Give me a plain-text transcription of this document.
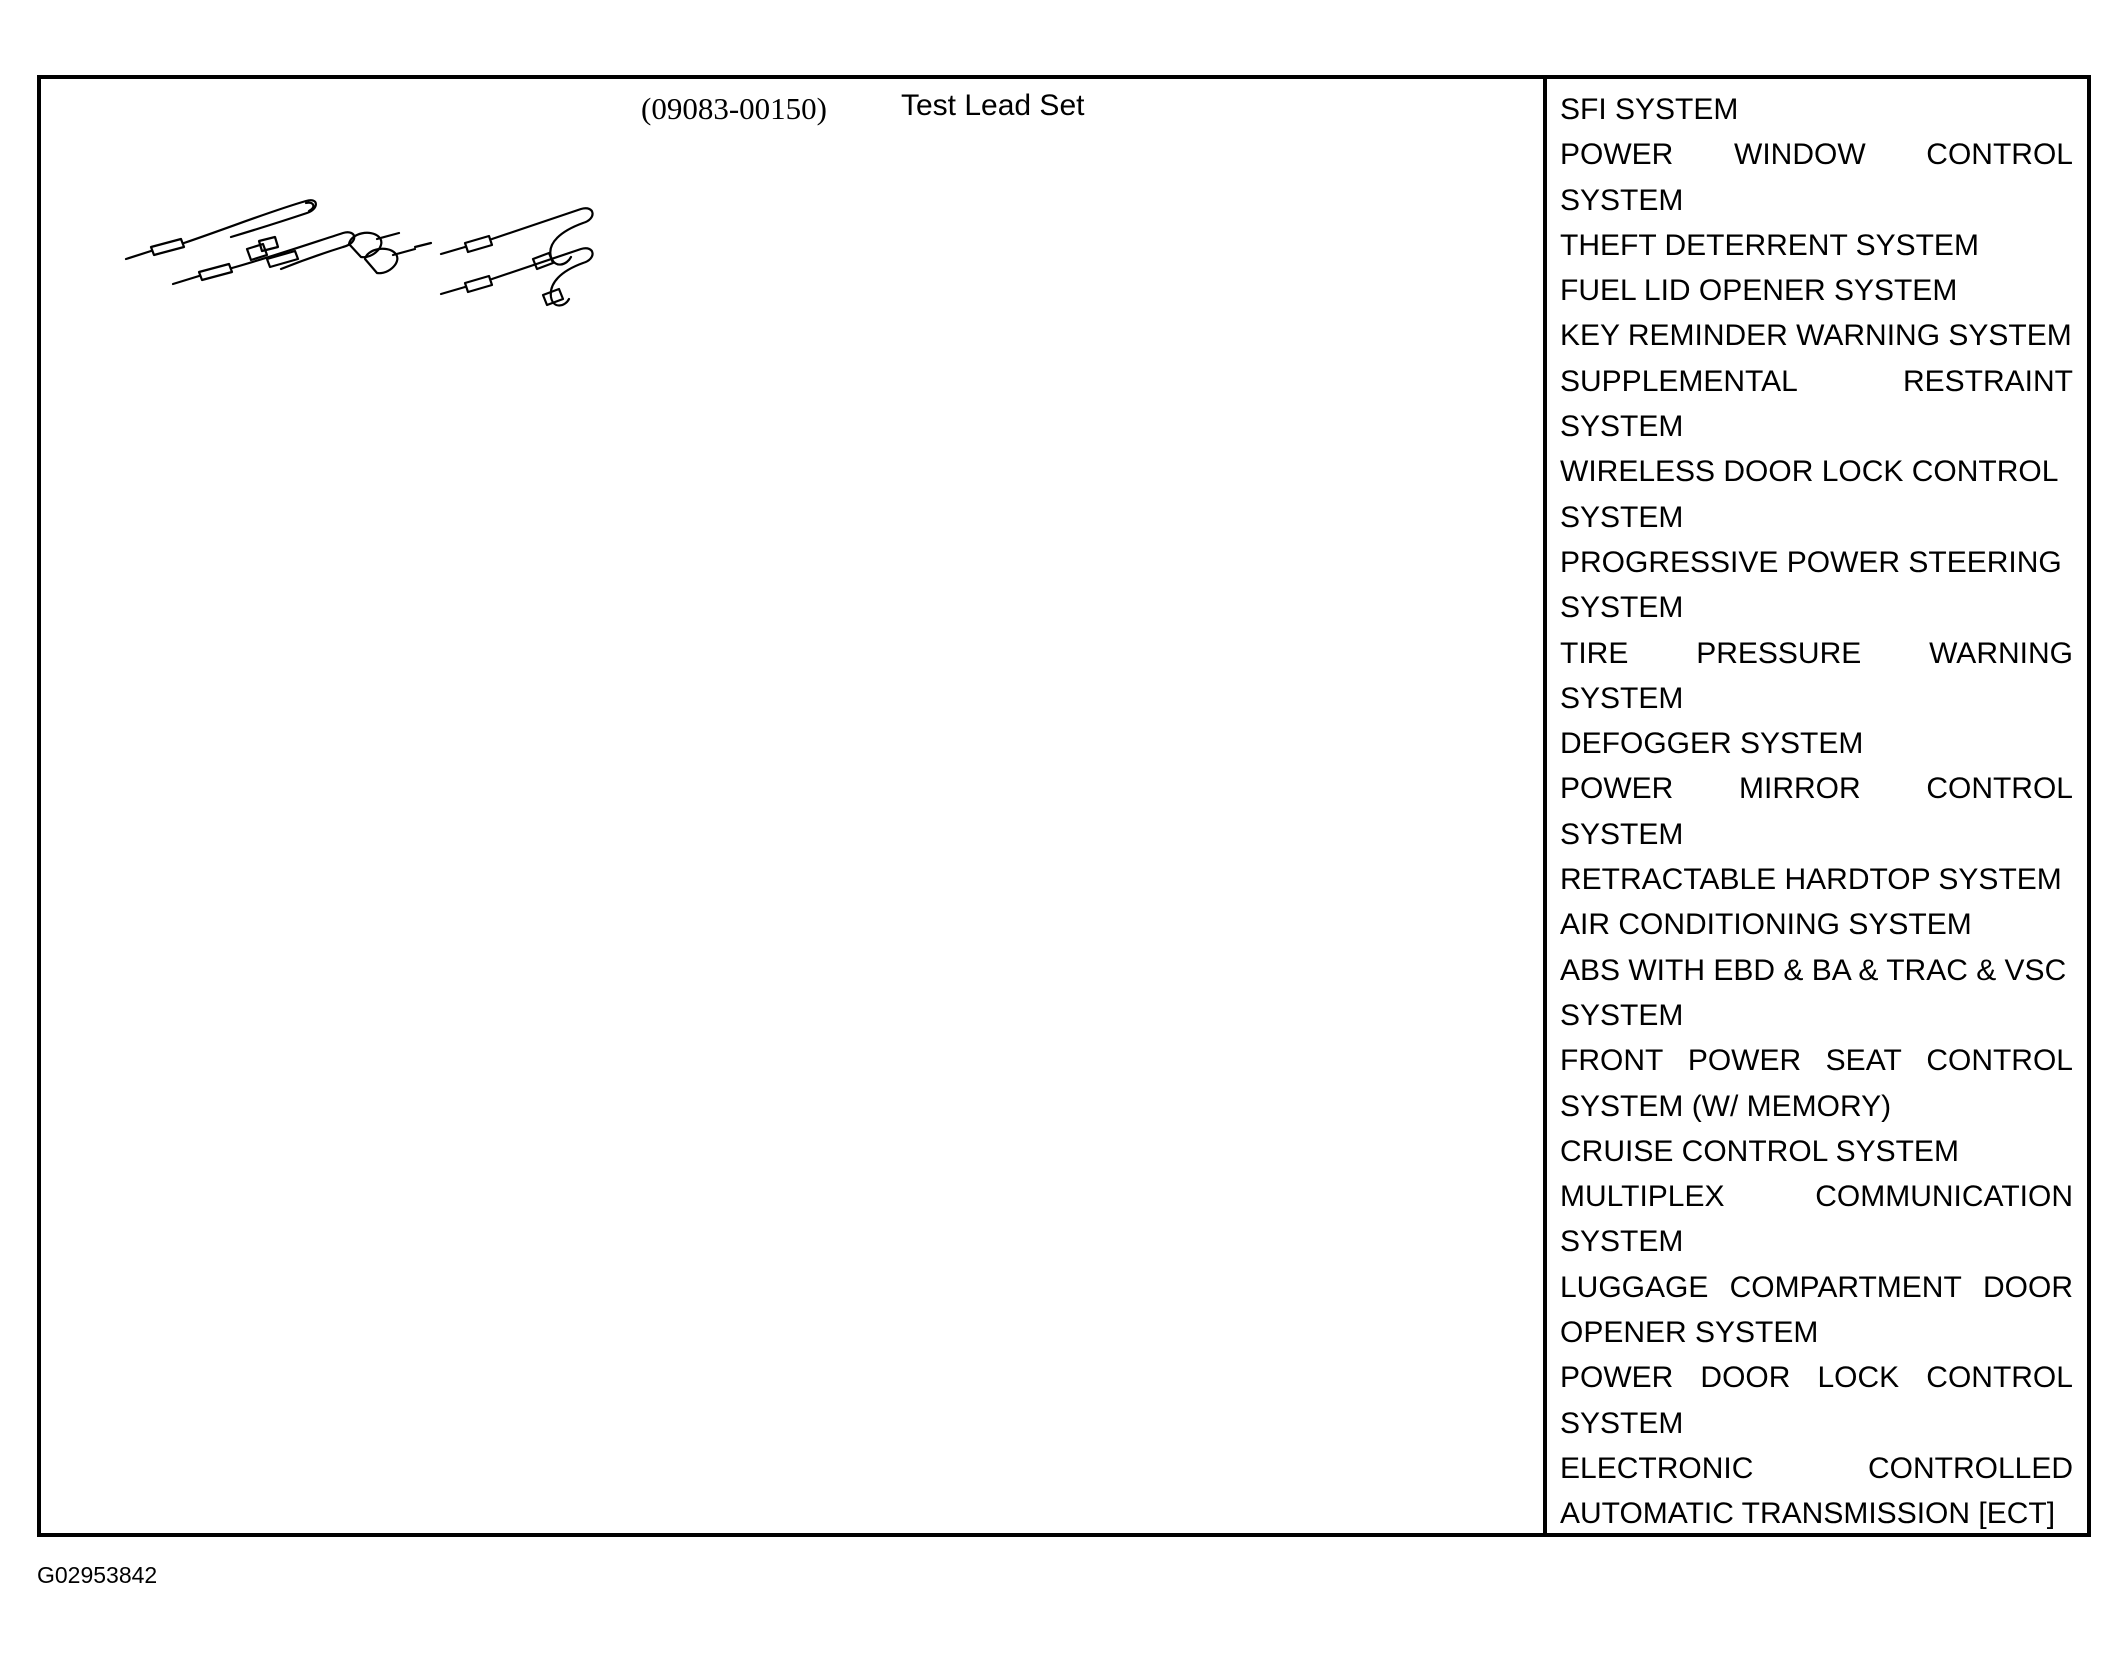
(09083-00150) Test Lead Set	SFI SYSTEM
POWER WINDOW CONTROL
SYSTEM
THEFT DETERRENT SYSTEM
FUEL LID OPENER SYSTEM
KEY REMINDER WARNING SYSTEM
SUPPLEMENTAL	RESTRAINT
SYSTEM
WIRELESS DOOR LOCK CONTROL
SYSTEM
PROGRESSIVE POWER STEERING
SYSTEM
TIRE PRESSURE WARNING
SYSTEM
DEFOGGER SYSTEM
POWER MIRROR CONTROL
SYSTEM
RETRACTABLE HARDTOP SYSTEM
AIR CONDITIONING SYSTEM
ABS WITH EBD & BA & TRAC & VSC
SYSTEM
FRONT POWER SEAT CONTROL
SYSTEM (W/ MEMORY)
CRUISE CONTROL SYSTEM
MULTIPLEX	COMMUNICATION
SYSTEM
LUGGAGE COMPARTMENT DOOR
OPENER SYSTEM
POWER DOOR LOCK CONTROL
SYSTEM
ELECTRONIC	CONTROLLED
AUTOMATIC TRANSMISSION [ECT]
G02953842
